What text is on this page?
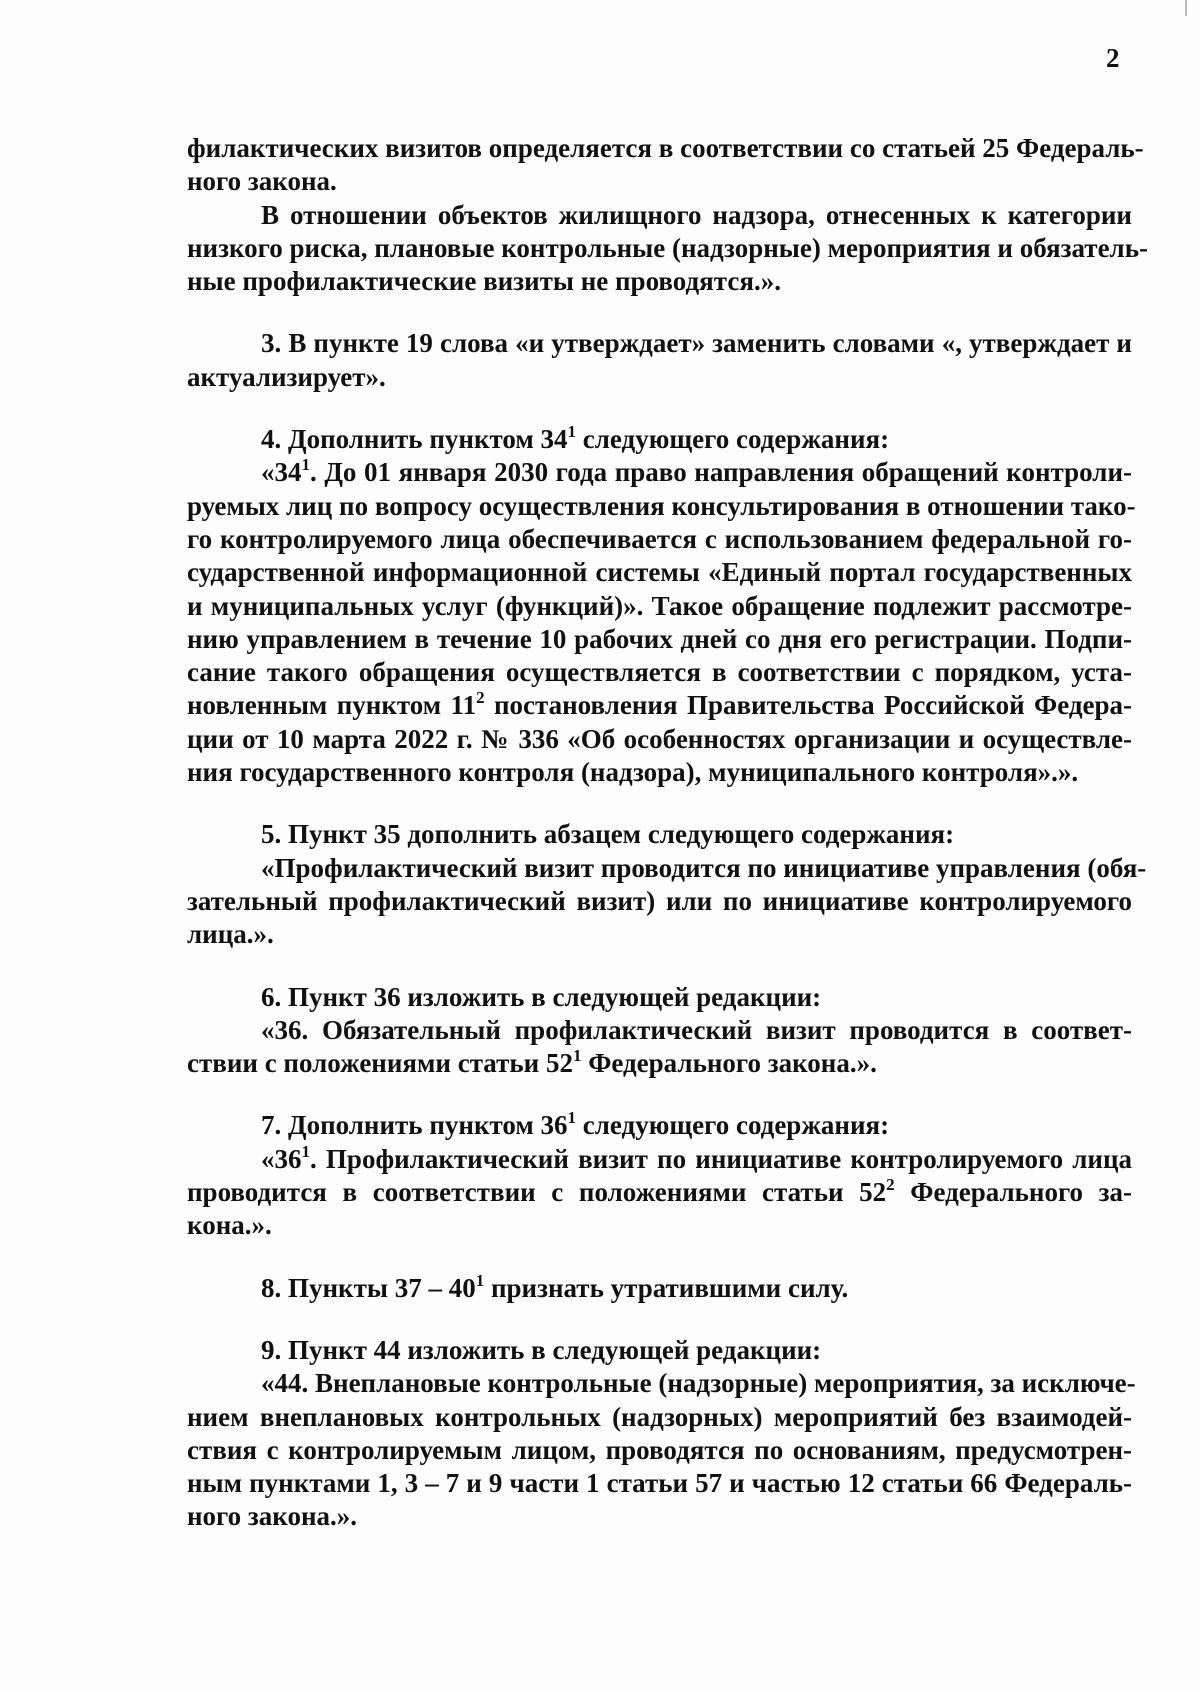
2
филактических визитов определяется в соответствии со статьей 25 Федераль-
ного закона.
В отношении объектов жилищного надзора, отнесенных к категории
низкого риска, плановые контрольные (надзорные) мероприятия и обязатель-
ные профилактические визиты не проводятся.».
3. В пункте 19 слова «и утверждает» заменить словами «, утверждает и
актуализирует».
4. Дополнить пунктом $34^1$ следующего содержания:
«$34^1$. До 01 января 2030 года право направления обращений контроли-
руемых лиц по вопросу осуществления консультирования в отношении тако-
го контролируемого лица обеспечивается с использованием федеральной го-
сударственной информационной системы «Единый портал государственных
и муниципальных услуг (функций)». Такое обращение подлежит рассмотре-
нию управлением в течение 10 рабочих дней со дня его регистрации. Подпи-
сание такого обращения осуществляется в соответствии с порядком, уста-
новленным пунктом $11^2$ постановления Правительства Российской Федера-
ции от 10 марта 2022 г. № 336 «Об особенностях организации и осуществле-
ния государственного контроля (надзора), муниципального контроля».».
5. Пункт 35 дополнить абзацем следующего содержания:
«Профилактический визит проводится по инициативе управления (обя-
зательный профилактический визит) или по инициативе контролируемого
лица.».
6. Пункт 36 изложить в следующей редакции:
«36. Обязательный профилактический визит проводится в соответ-
ствии с положениями статьи $52^1$ Федерального закона.».
7. Дополнить пунктом $36^1$ следующего содержания:
«$36^1$. Профилактический визит по инициативе контролируемого лица
проводится в соответствии с положениями статьи $52^2$ Федерального за-
кона.».
8. Пункты $37 - 40^1$ признать утратившими силу.
9. Пункт 44 изложить в следующей редакции:
«44. Внеплановые контрольные (надзорные) мероприятия, за исключе-
нием внеплановых контрольных (надзорных) мероприятий без взаимодей-
ствия с контролируемым лицом, проводятся по основаниям, предусмотрен-
ным пунктами 1, 3 – 7 и 9 части 1 статьи 57 и частью 12 статьи 66 Федераль-
ного закона.».
